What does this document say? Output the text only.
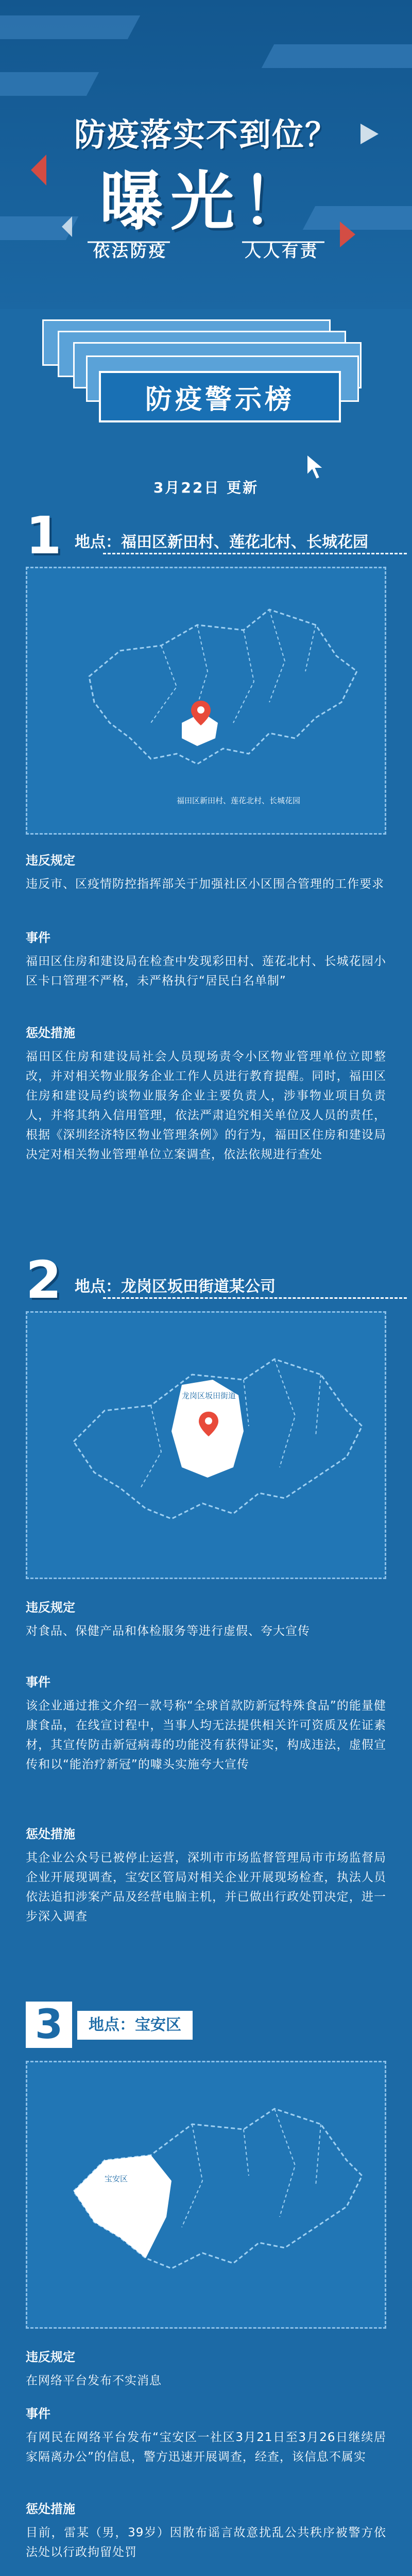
防疫落实不到位？
曝光！
依法防疫	人人有责
防疫警示榜
3月22日 更新
1 地点：福田区新田村、莲花北村、长城花园
福田区新田村、莲花北村、长城花园
违反规定
违反市、区疫情防控指挥部关于加强社区小区围合管理的工作要求
事件
福田区住房和建设局在检查中发现彩田村、莲花北村、长城花园小区卡口管理不严格，未严格执行“居民白名单制”
惩处措施
福田区住房和建设局社会人员现场责令小区物业管理单位立即整改，并对相关物业服务企业工作人员进行教育提醒。同时，福田区住房和建设局约谈物业服务企业主要负责人，涉事物业项目负责人，并将其纳入信用管理，依法严肃追究相关单位及人员的责任，根据《深圳经济特区物业管理条例》的行为，福田区住房和建设局决定对相关物业管理单位立案调查，依法依规进行查处
2 地点：龙岗区坂田街道某公司
龙岗区坂田街道
违反规定
对食品、保健产品和体检服务等进行虚假、夸大宣传
事件
该企业通过推文介绍一款号称“全球首款防新冠特殊食品”的能量健康食品，在线宣讨程中，当事人均无法提供相关许可资质及佐证素材，其宣传防击新冠病毒的功能没有获得证实，构成违法，虚假宣传和以“能治疗新冠”的噱头实施夸大宣传
惩处措施
其企业公众号已被停止运营，深圳市市场监督管理局市市场监督局企业开展现调查，宝安区管局对相关企业开展现场检查，执法人员依法追扣涉案产品及经营电脑主机，并已做出行政处罚决定，进一步深入调查
3	地点：宝安区
宝安区
违反规定
在网络平台发布不实消息
事件
有网民在网络平台发布“宝安区一社区3月21日至3月26日继续居家隔离办公”的信息，警方迅速开展调查，经查，该信息不属实
惩处措施
目前，雷某（男，39岁）因散布谣言故意扰乱公共秩序被警方依法处以行政拘留处罚
